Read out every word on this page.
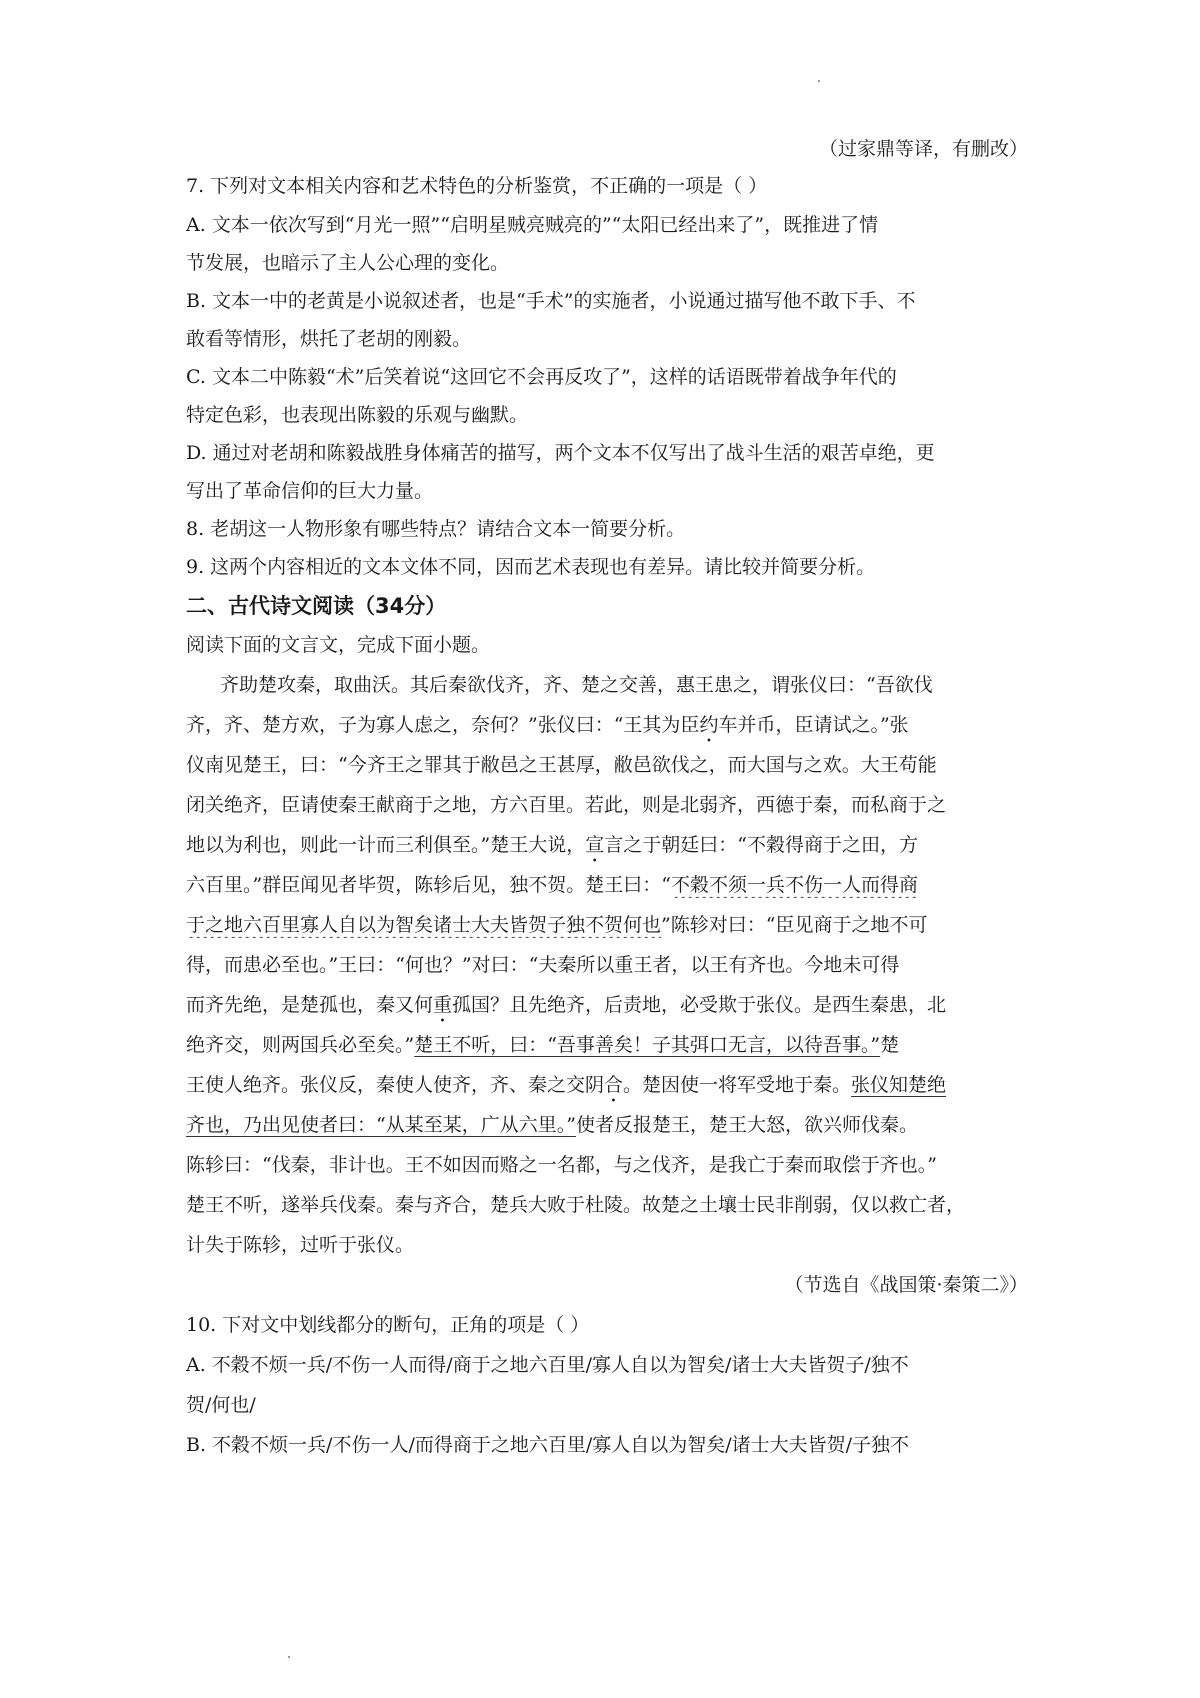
（过家鼎等译，有删改）
7. 下列对文本相关内容和艺术特色的分析鉴赏，不正确的一项是（ ）
A. 文本一依次写到“月光一照”“启明星贼亮贼亮的”“太阳已经出来了”，既推进了情
节发展，也暗示了主人公心理的变化。
B. 文本一中的老黄是小说叙述者，也是“手术”的实施者，小说通过描写他不敢下手、不
敢看等情形，烘托了老胡的刚毅。
C. 文本二中陈毅“术”后笑着说“这回它不会再反攻了”，这样的话语既带着战争年代的
特定色彩，也表现出陈毅的乐观与幽默。
D. 通过对老胡和陈毅战胜身体痛苦的描写，两个文本不仅写出了战斗生活的艰苦卓绝，更
写出了革命信仰的巨大力量。
8. 老胡这一人物形象有哪些特点？请结合文本一简要分析。
9. 这两个内容相近的文本文体不同，因而艺术表现也有差异。请比较并简要分析。
二、古代诗文阅读（34分）
阅读下面的文言文，完成下面小题。
齐助楚攻秦，取曲沃。其后秦欲伐齐，齐、楚之交善，惠王患之，谓张仪曰：“吾欲伐
齐，齐、楚方欢，子为寡人虑之，奈何？”张仪曰：“王其为臣约车并币，臣请试之。”张
仪南见楚王，曰：“今齐王之罪其于敝邑之王甚厚，敝邑欲伐之，而大国与之欢。大王苟能
闭关绝齐，臣请使秦王献商于之地，方六百里。若此，则是北弱齐，西德于秦，而私商于之
地以为利也，则此一计而三利俱至。”楚王大说，宣言之于朝廷曰：“不穀得商于之田，方
六百里。”群臣闻见者毕贺，陈轸后见，独不贺。楚王曰：“不穀不须一兵不伤一人而得商
于之地六百里寡人自以为智矣诸士大夫皆贺子独不贺何也”陈轸对曰：“臣见商于之地不可
得，而患必至也。”王曰：“何也？”对曰：“夫秦所以重王者，以王有齐也。今地未可得
而齐先绝，是楚孤也，秦又何重孤国？且先绝齐，后责地，必受欺于张仪。是西生秦患，北
绝齐交，则两国兵必至矣。”楚王不听，曰：“吾事善矣！子其弭口无言，以待吾事。”楚
王使人绝齐。张仪反，秦使人使齐，齐、秦之交阴合。楚因使一将军受地于秦。张仪知楚绝
齐也，乃出见使者曰：“从某至某，广从六里。”使者反报楚王，楚王大怒，欲兴师伐秦。
陈轸曰：“伐秦，非计也。王不如因而赂之一名都，与之伐齐，是我亡于秦而取偿于齐也。”
楚王不听，遂举兵伐秦。秦与齐合，楚兵大败于杜陵。故楚之土壤士民非削弱，仅以救亡者，
计失于陈轸，过听于张仪。
（节选自《战国策·秦策二》）
10. 下对文中划线都分的断句，正角的项是（ ）
A. 不穀不烦一兵/不伤一人而得/商于之地六百里/寡人自以为智矣/诸士大夫皆贺子/独不
贺/何也/
B. 不穀不烦一兵/不伤一人/而得商于之地六百里/寡人自以为智矣/诸士大夫皆贺/子独不
